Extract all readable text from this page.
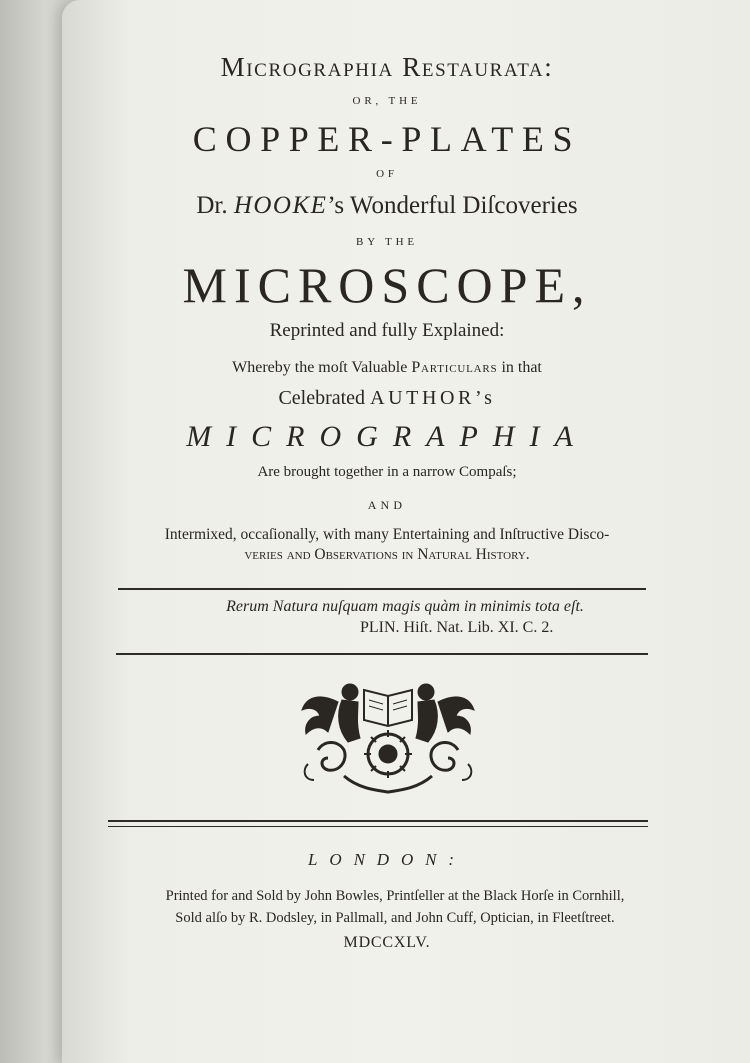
Micrographia Restaurata:
OR, THE
COPPER-PLATES
OF
Dr. HOOKE’s Wonderful Diſcoveries
BY THE
MICROSCOPE,
Reprinted and fully Explained:
Whereby the moſt Valuable Particulars in that
Celebrated AUTHOR’s
MICROGRAPHIA
Are brought together in a narrow Compaſs;
AND
Intermixed, occaſionally, with many Entertaining and Inſtructive Disco-
veries and Observations in Natural History.
Rerum Natura nuſquam magis quàm in minimis tota eſt.
PLIN. Hiſt. Nat. Lib. XI. C. 2.
LONDON:
Printed for and Sold by John Bowles, Printſeller at the Black Horſe in Cornhill,
Sold alſo by R. Dodsley, in Pallmall, and John Cuff, Optician, in Fleetſtreet.
MDCCXLV.
